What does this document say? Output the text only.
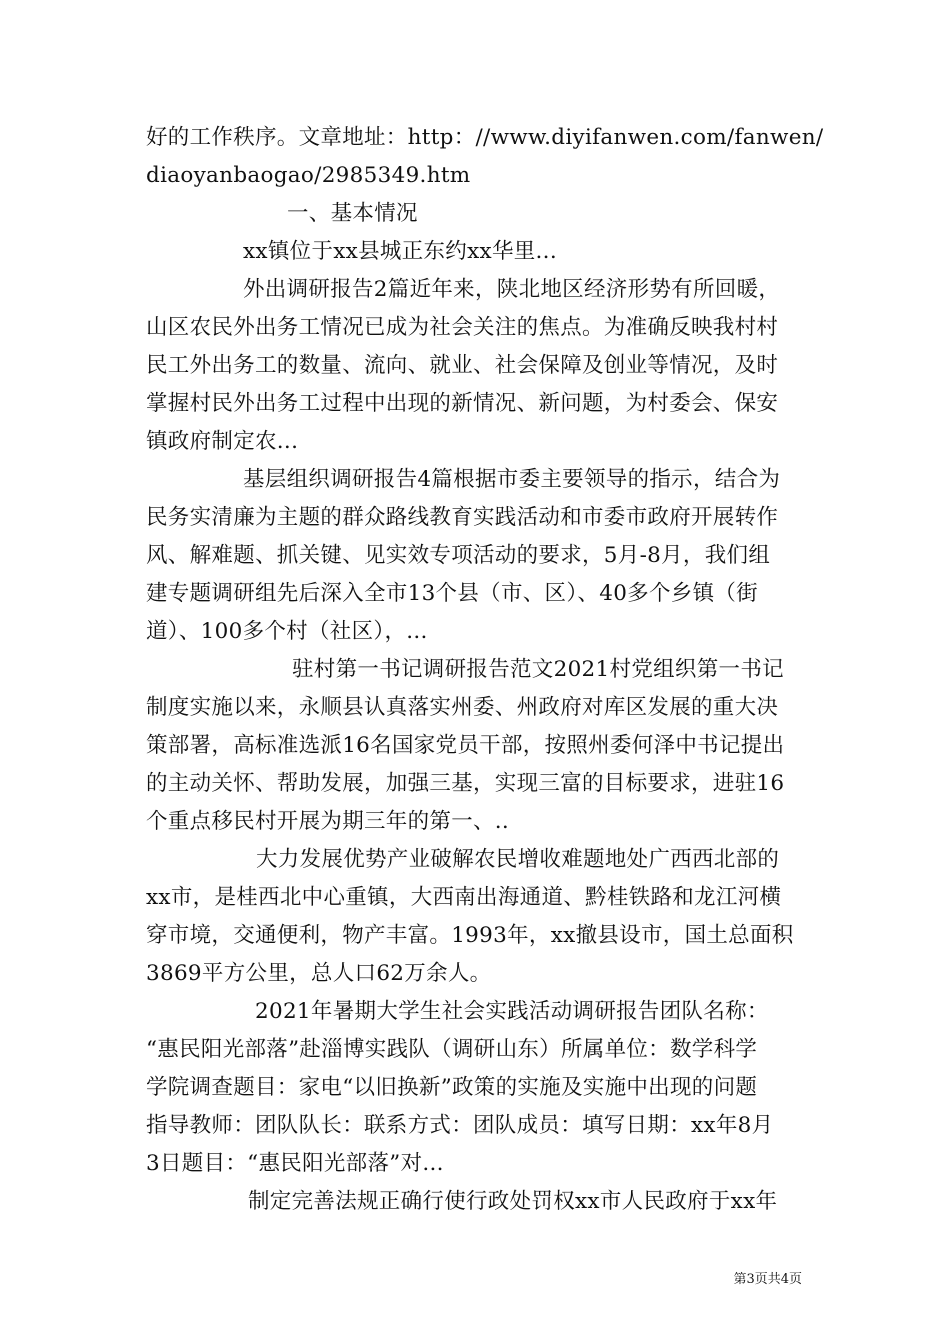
好的工作秩序。文章地址：http：//www.diyifanwen.com/fanwen/
diaoyanbaogao/2985349.htm
一、基本情况
xx镇位于xx县城正东约xx华里...
外出调研报告2篇近年来，陕北地区经济形势有所回暖，
山区农民外出务工情况已成为社会关注的焦点。为准确反映我村村
民工外出务工的数量、流向、就业、社会保障及创业等情况，及时
掌握村民外出务工过程中出现的新情况、新问题，为村委会、保安
镇政府制定农...
基层组织调研报告4篇根据市委主要领导的指示，结合为
民务实清廉为主题的群众路线教育实践活动和市委市政府开展转作
风、解难题、抓关键、见实效专项活动的要求，5月-8月，我们组
建专题调研组先后深入全市13个县（市、区）、40多个乡镇（街
道）、100多个村（社区），...
驻村第一书记调研报告范文2021村党组织第一书记
制度实施以来，永顺县认真落实州委、州政府对库区发展的重大决
策部署，高标准选派16名国家党员干部，按照州委何泽中书记提出
的主动关怀、帮助发展，加强三基，实现三富的目标要求，进驻16
个重点移民村开展为期三年的第一、..
大力发展优势产业破解农民增收难题地处广西西北部的
xx市，是桂西北中心重镇，大西南出海通道、黔桂铁路和龙江河横
穿市境，交通便利，物产丰富。1993年，xx撤县设市，国土总面积
3869平方公里，总人口62万余人。
2021年暑期大学生社会实践活动调研报告团队名称：
“惠民阳光部落”赴淄博实践队（调研山东）所属单位：数学科学
学院调查题目：家电“以旧换新”政策的实施及实施中出现的问题
指导教师：团队队长：联系方式：团队成员：填写日期：xx年8月
3日题目：“惠民阳光部落”对...
制定完善法规正确行使行政处罚权xx市人民政府于xx年
第3页共4页
